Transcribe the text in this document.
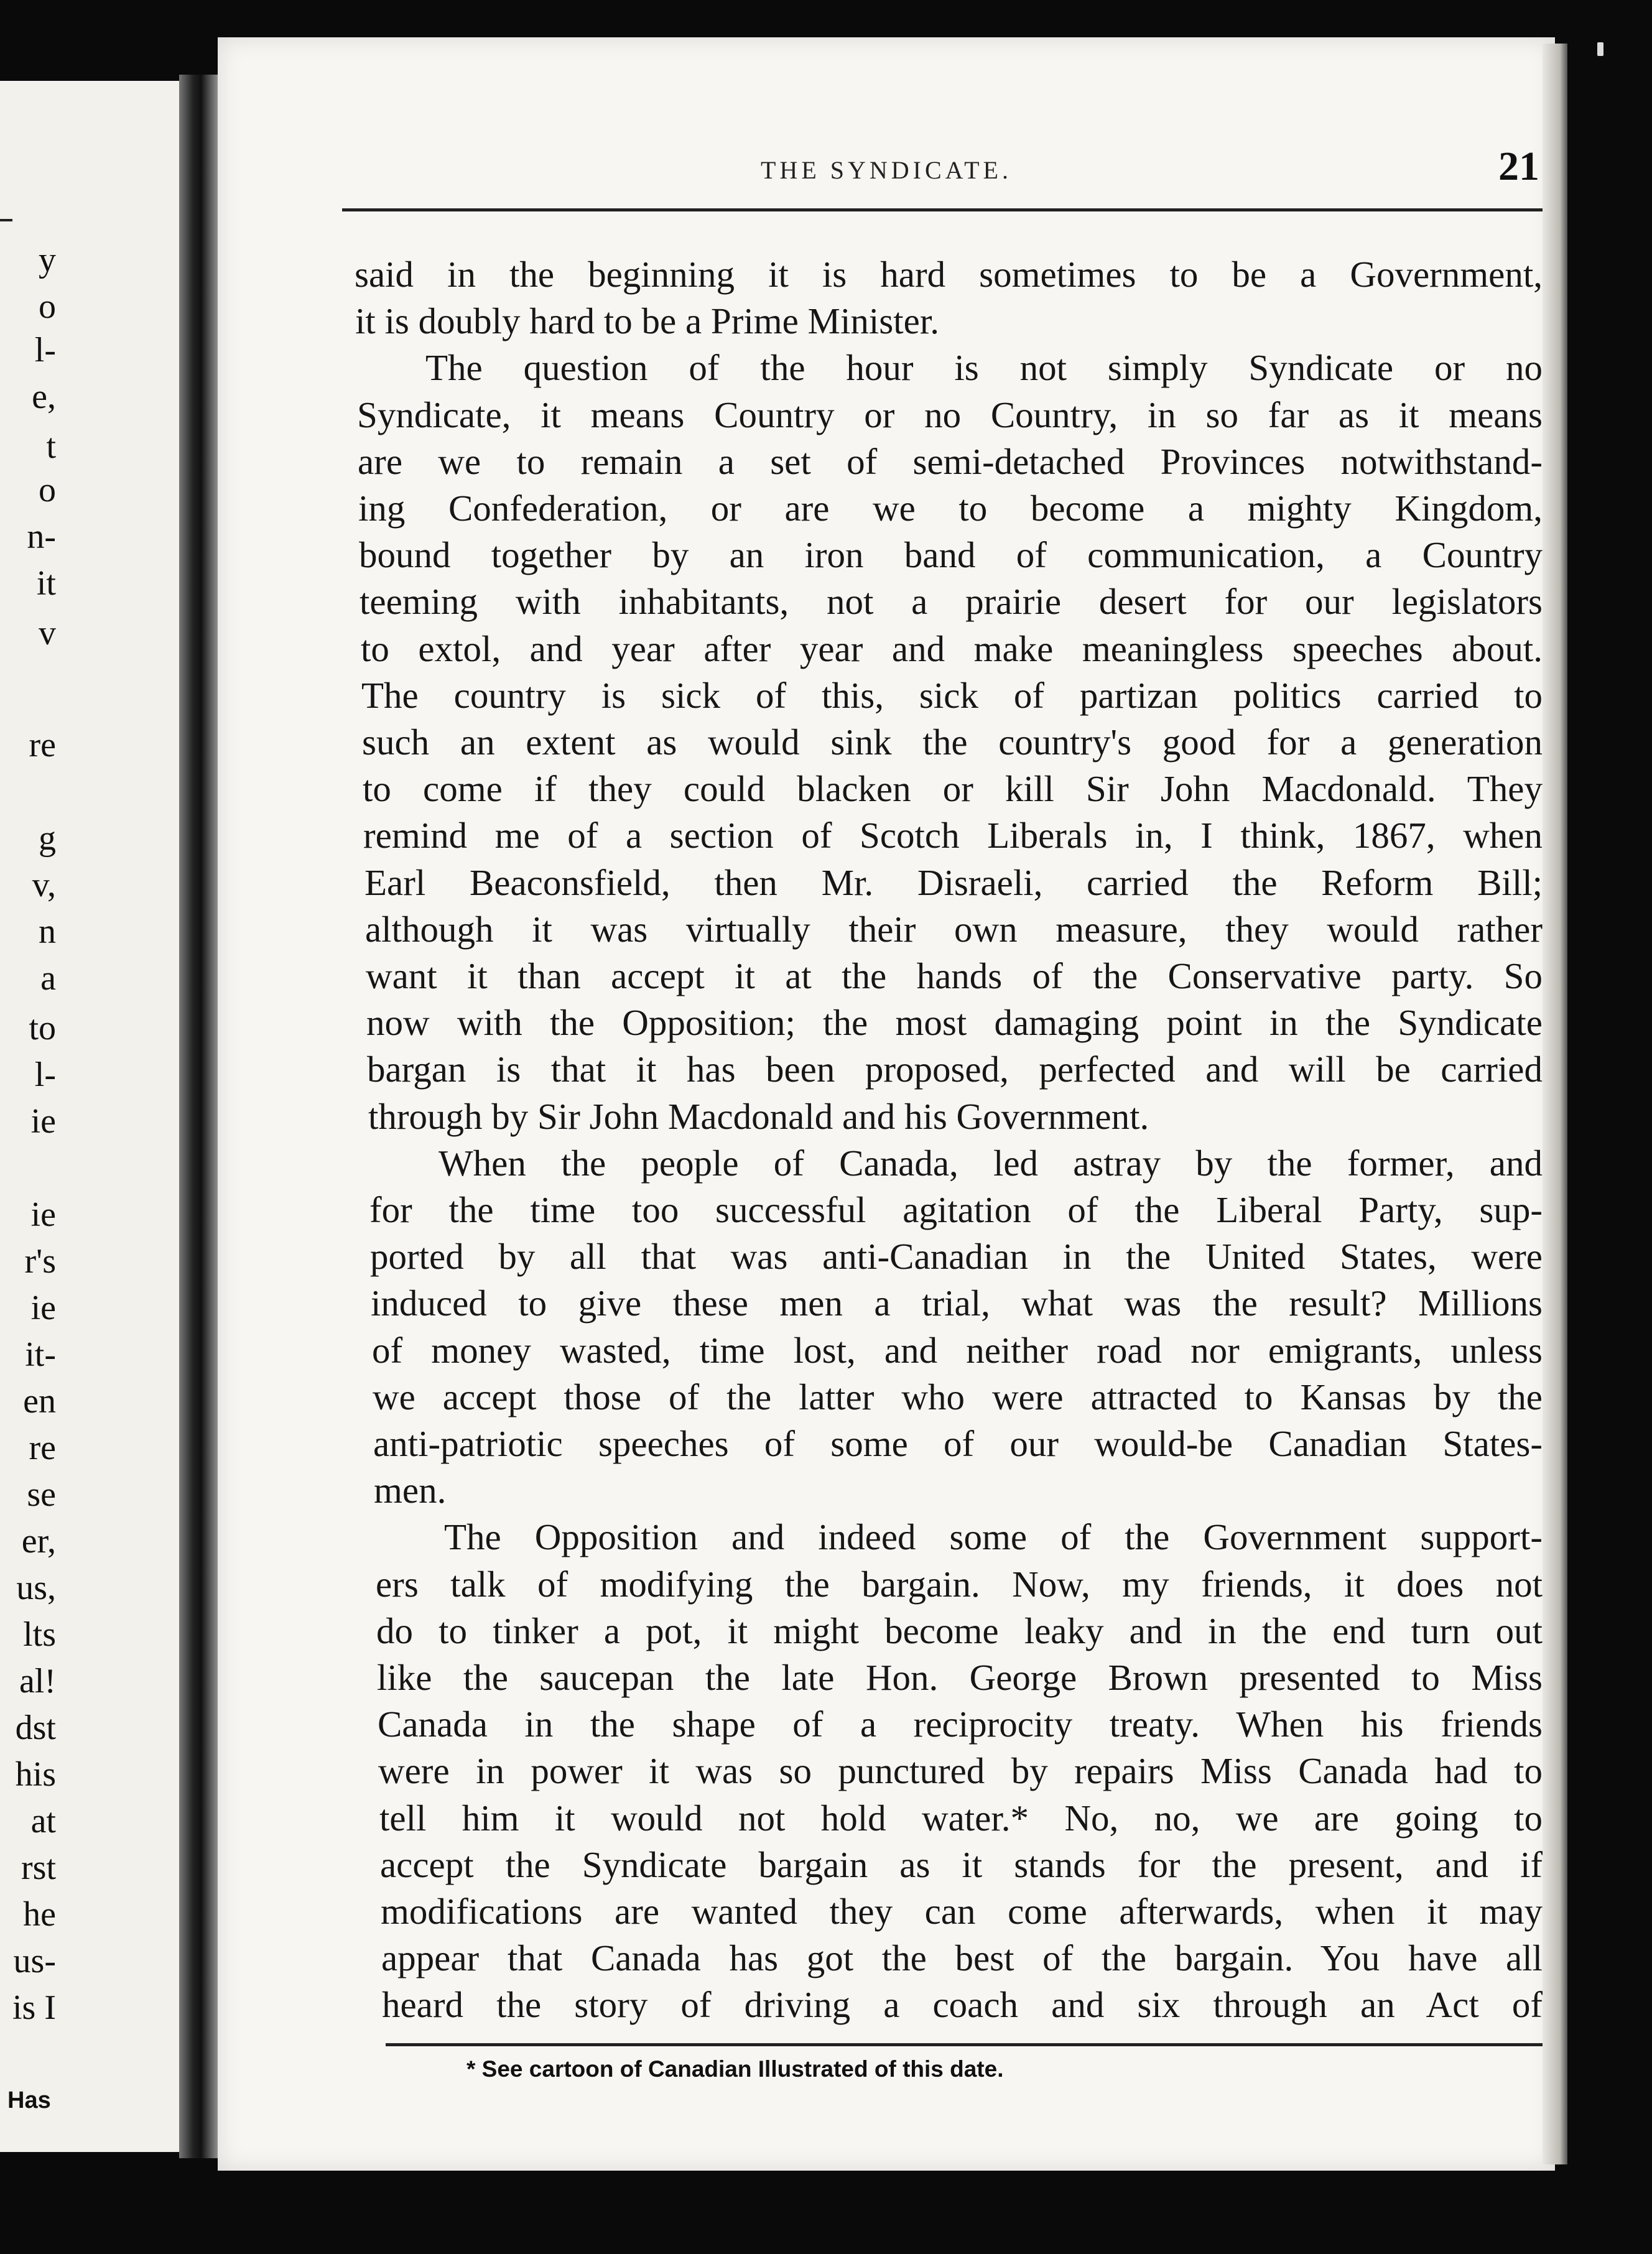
y
o
l-
e,
t
o
n-
it
v
re
g
v,
n
a
to
l-
ie
ie
r's
ie
it-
en
re
se
er,
us,
lts
al!
dst
his
at
rst
he
us-
is I
Has
THE SYNDICATE.	21
said in the beginning it is hard sometimes to be a Government,
it is doubly hard to be a Prime Minister.
The question of the hour is not simply Syndicate or no
Syndicate, it means Country or no Country, in so far as it means
are we to remain a set of semi-detached Provinces notwithstand-
ing Confederation, or are we to become a mighty Kingdom,
bound together by an iron band of communication, a Country
teeming with inhabitants, not a prairie desert for our legislators
to extol, and year after year and make meaningless speeches about.
The country is sick of this, sick of partizan politics carried to
such an extent as would sink the country's good for a generation
to come if they could blacken or kill Sir John Macdonald. They
remind me of a section of Scotch Liberals in, I think, 1867, when
Earl Beaconsfield, then Mr. Disraeli, carried the Reform Bill;
although it was virtually their own measure, they would rather
want it than accept it at the hands of the Conservative party. So
now with the Opposition; the most damaging point in the Syndicate
bargan is that it has been proposed, perfected and will be carried
through by Sir John Macdonald and his Government.
When the people of Canada, led astray by the former, and
for the time too successful agitation of the Liberal Party, sup-
ported by all that was anti-Canadian in the United States, were
induced to give these men a trial, what was the result? Millions
of money wasted, time lost, and neither road nor emigrants, unless
we accept those of the latter who were attracted to Kansas by the
anti-patriotic speeches of some of our would-be Canadian States-
men.
The Opposition and indeed some of the Government support-
ers talk of modifying the bargain. Now, my friends, it does not
do to tinker a pot, it might become leaky and in the end turn out
like the saucepan the late Hon. George Brown presented to Miss
Canada in the shape of a reciprocity treaty. When his friends
were in power it was so punctured by repairs Miss Canada had to
tell him it would not hold water.* No, no, we are going to
accept the Syndicate bargain as it stands for the present, and if
modifications are wanted they can come afterwards, when it may
appear that Canada has got the best of the bargain. You have all
heard the story of driving a coach and six through an Act of
* See cartoon of Canadian Illustrated of this date.
